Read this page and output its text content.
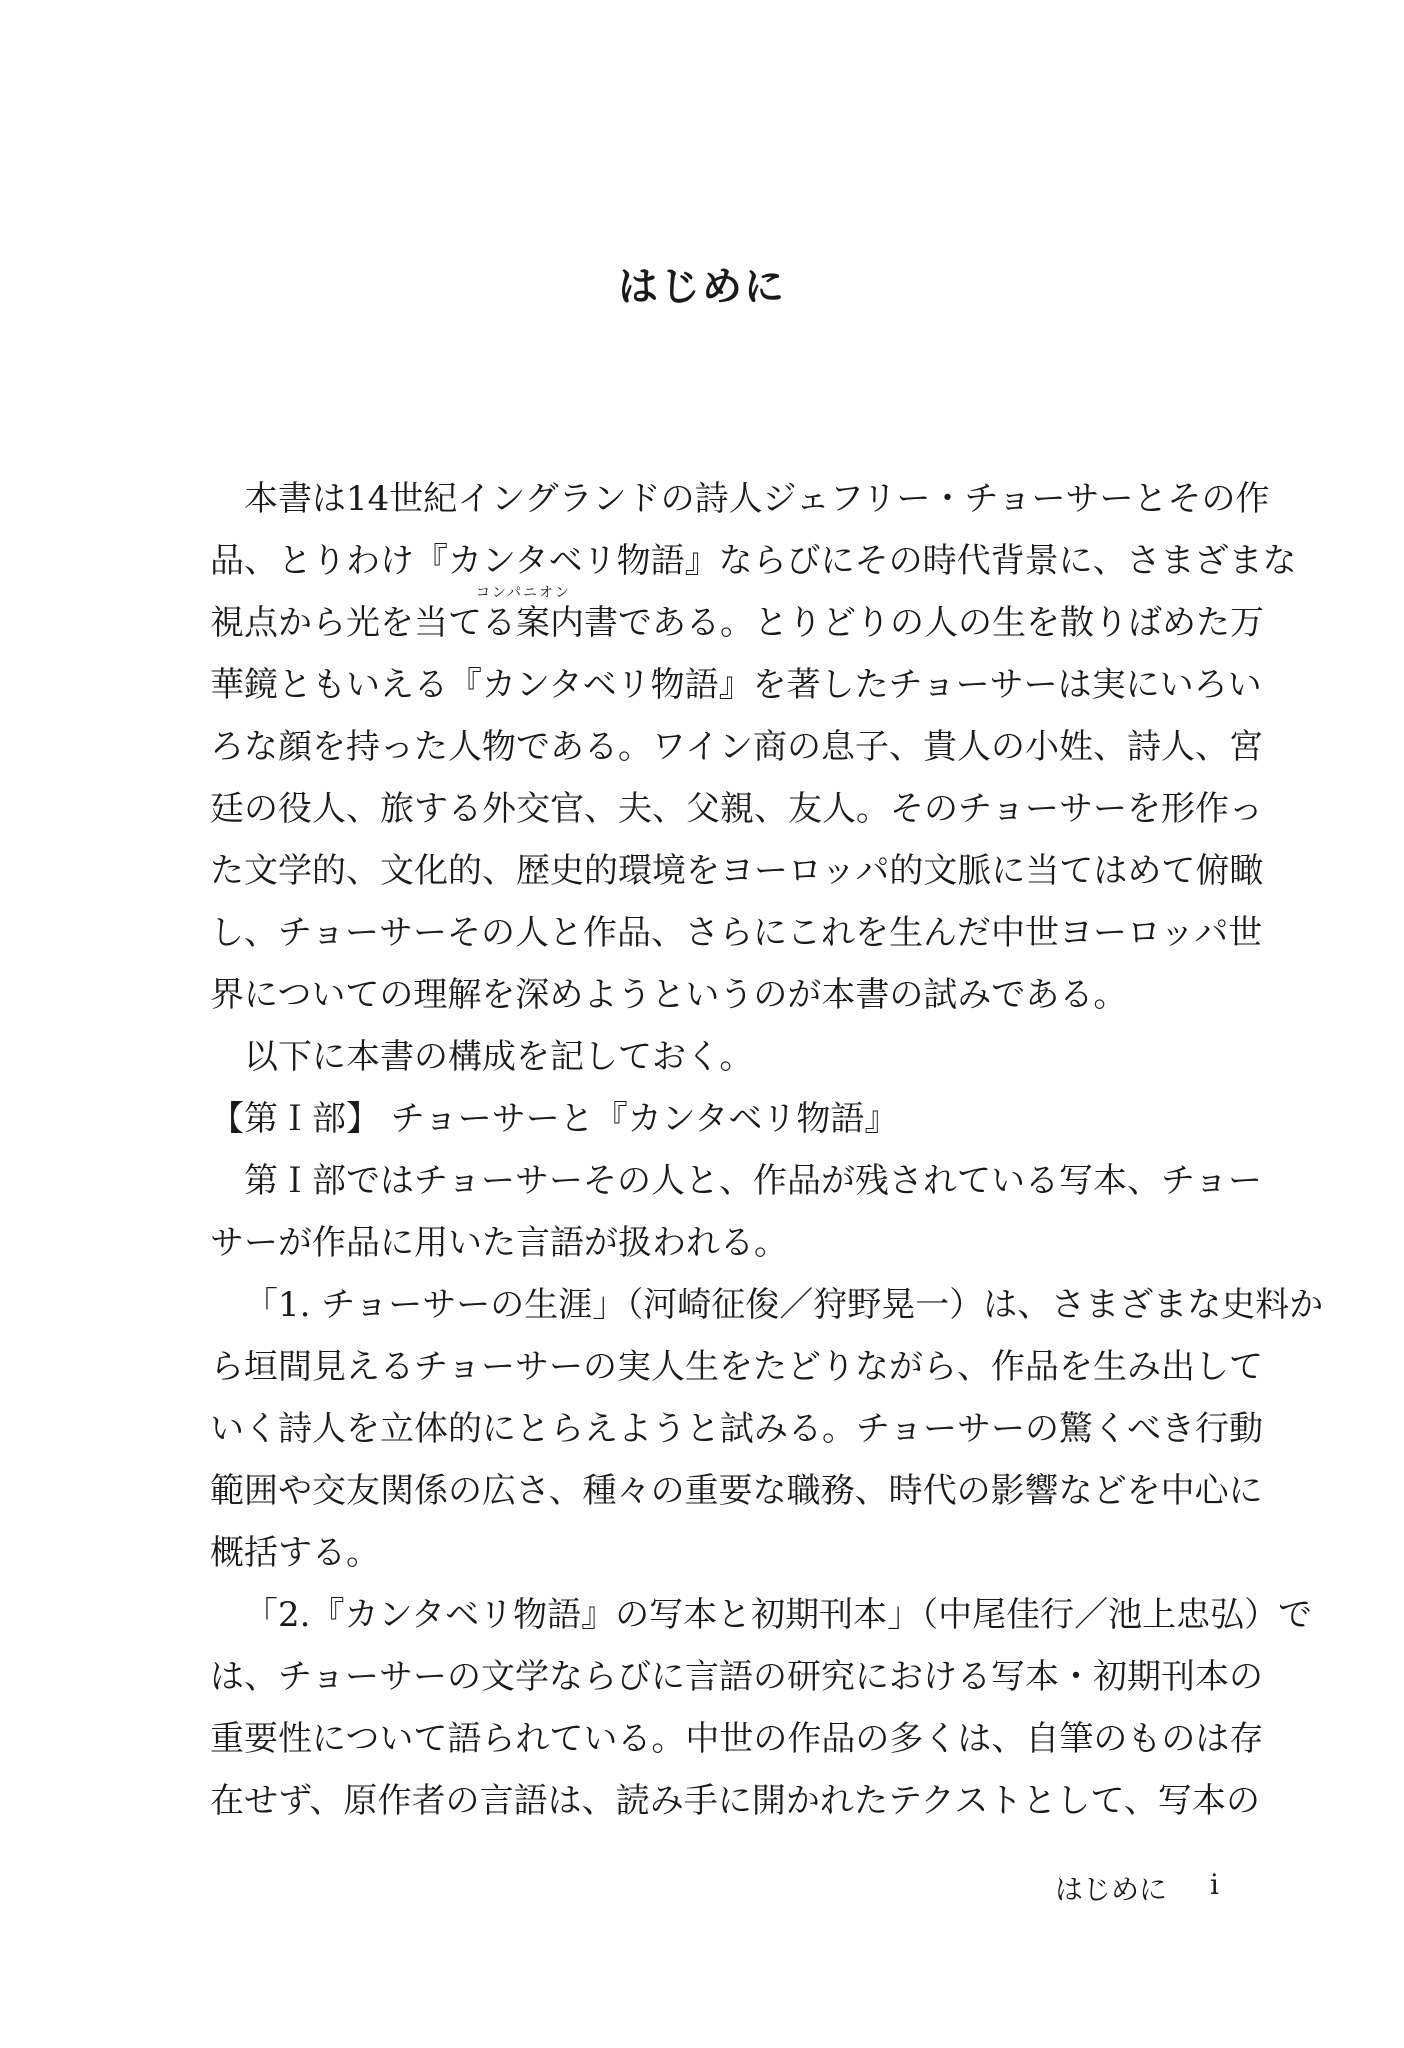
はじめに
本書は14世紀イングランドの詩人ジェフリー・チョーサーとその作
品、とりわけ『カンタベリ物語』ならびにその時代背景に、さまざまな
コンパニオン
視点から光を当てる案内書である。とりどりの人の生を散りばめた万
華鏡ともいえる『カンタベリ物語』を著したチョーサーは実にいろい
ろな顔を持った人物である。ワイン商の息子、貴人の小姓、詩人、宮
廷の役人、旅する外交官、夫、父親、友人。そのチョーサーを形作っ
た文学的、文化的、歴史的環境をヨーロッパ的文脈に当てはめて俯瞰
し、チョーサーその人と作品、さらにこれを生んだ中世ヨーロッパ世
界についての理解を深めようというのが本書の試みである。
以下に本書の構成を記しておく。
【第Ｉ部】 チョーサーと『カンタベリ物語』
第Ｉ部ではチョーサーその人と、作品が残されている写本、チョー
サーが作品に用いた言語が扱われる。
「1. チョーサーの生涯」（河崎征俊／狩野晃一）は、さまざまな史料か
ら垣間見えるチョーサーの実人生をたどりながら、作品を生み出して
いく詩人を立体的にとらえようと試みる。チョーサーの驚くべき行動
範囲や交友関係の広さ、種々の重要な職務、時代の影響などを中心に
概括する。
「2.『カンタベリ物語』の写本と初期刊本」（中尾佳行／池上忠弘）で
は、チョーサーの文学ならびに言語の研究における写本・初期刊本の
重要性について語られている。中世の作品の多くは、自筆のものは存
在せず、原作者の言語は、読み手に開かれたテクストとして、写本の
はじめに i
